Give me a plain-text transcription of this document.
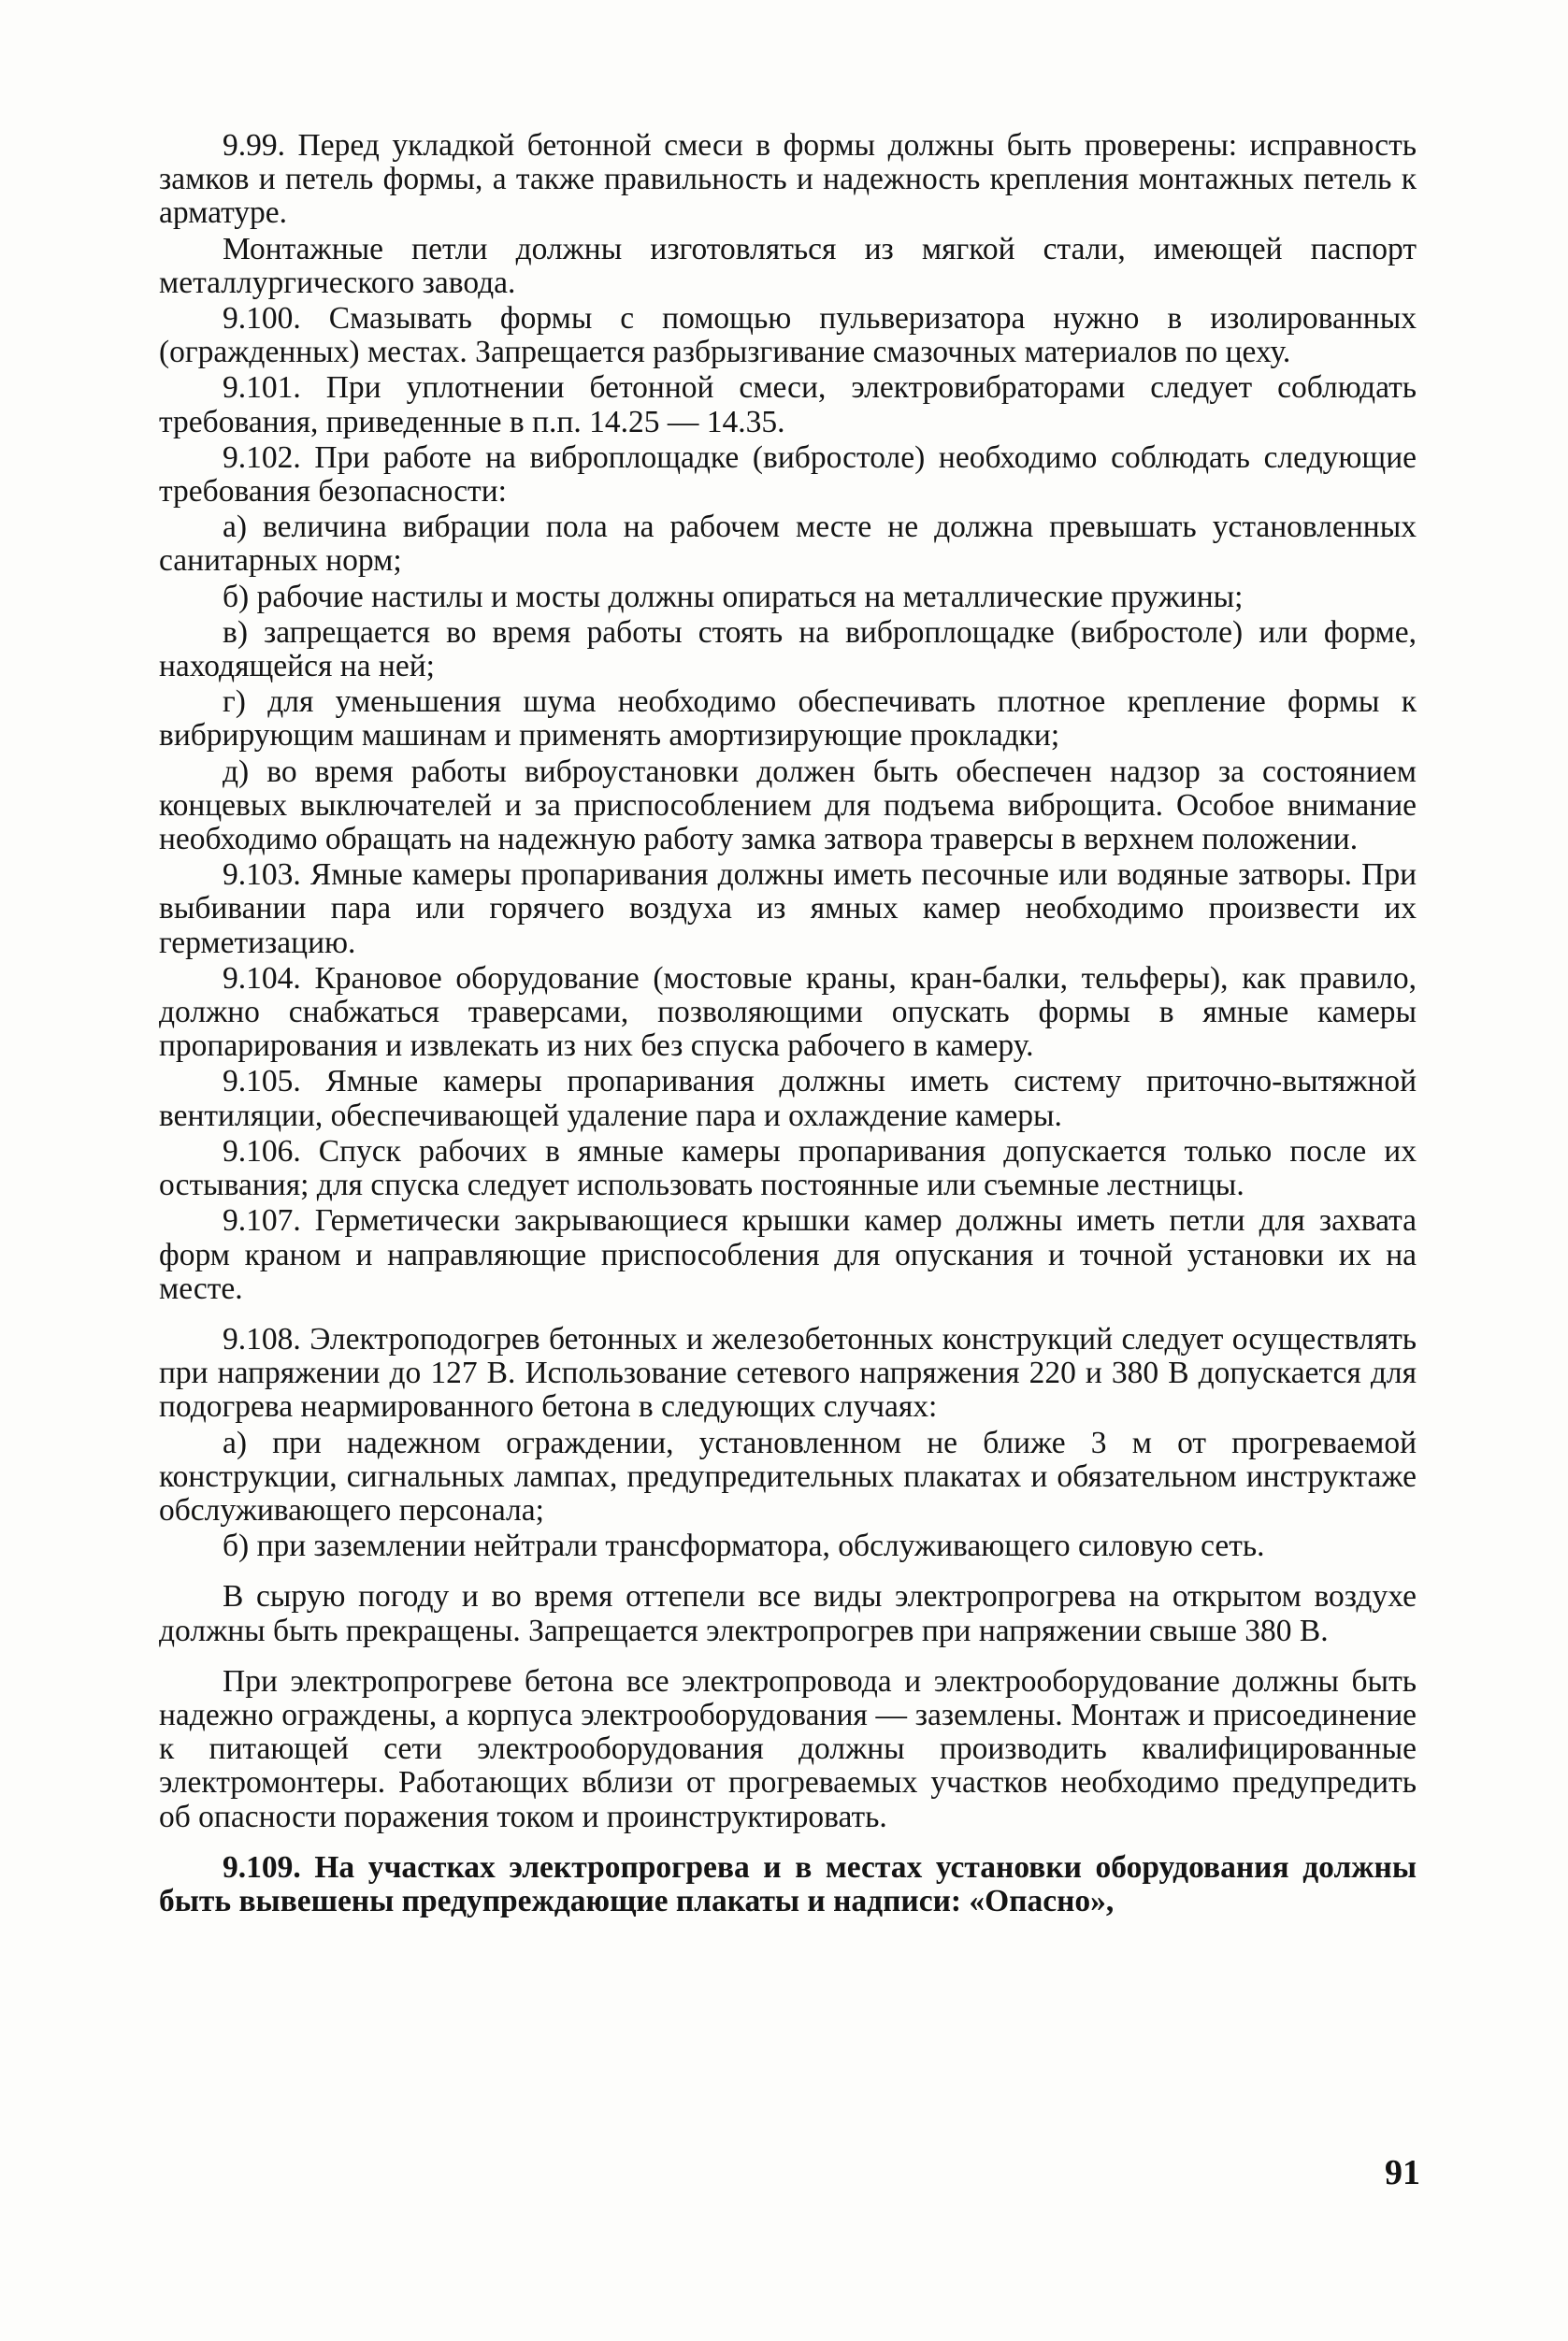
9.99. Перед укладкой бетонной смеси в формы должны быть проверены: исправность замков и петель формы, а также правильность и надежность крепления монтажных петель к арматуре.

Монтажные петли должны изготовляться из мягкой стали, имеющей паспорт металлургического завода.

9.100. Смазывать формы с помощью пульверизатора нужно в изолированных (огражденных) местах. Запрещается разбрызгивание смазочных материалов по цеху.

9.101. При уплотнении бетонной смеси, электровибраторами следует соблюдать требования, приведенные в п.п. 14.25 — 14.35.

9.102. При работе на виброплощадке (вибростоле) необходимо соблюдать следующие требования безопасности:

а) величина вибрации пола на рабочем месте не должна превышать установленных санитарных норм;

б) рабочие настилы и мосты должны опираться на металлические пружины;

в) запрещается во время работы стоять на виброплощадке (вибростоле) или форме, находящейся на ней;

г) для уменьшения шума необходимо обеспечивать плотное крепление формы к вибрирующим машинам и применять амортизирующие прокладки;

д) во время работы виброустановки должен быть обеспечен надзор за состоянием концевых выключателей и за приспособлением для подъема виброщита. Особое внимание необходимо обращать на надежную работу замка затвора траверсы в верхнем положении.

9.103. Ямные камеры пропаривания должны иметь песочные или водяные затворы. При выбивании пара или горячего воздуха из ямных камер необходимо произвести их герметизацию.

9.104. Крановое оборудование (мостовые краны, кран-балки, тельферы), как правило, должно снабжаться траверсами, позволяющими опускать формы в ямные камеры пропарирования и извлекать из них без спуска рабочего в камеру.

9.105. Ямные камеры пропаривания должны иметь систему приточно-вытяжной вентиляции, обеспечивающей удаление пара и охлаждение камеры.

9.106. Спуск рабочих в ямные камеры пропаривания допускается только после их остывания; для спуска следует использовать постоянные или съемные лестницы.

9.107. Герметически закрывающиеся крышки камер должны иметь петли для захвата форм краном и направляющие приспособления для опускания и точной установки их на месте.

9.108. Электроподогрев бетонных и железобетонных конструкций следует осуществлять при напряжении до 127 В. Использование сетевого напряжения 220 и 380 В допускается для подогрева неармированного бетона в следующих случаях:

а) при надежном ограждении, установленном не ближе 3 м от прогреваемой конструкции, сигнальных лампах, предупредительных плакатах и обязательном инструктаже обслуживающего персонала;

б) при заземлении нейтрали трансформатора, обслуживающего силовую сеть.

В сырую погоду и во время оттепели все виды электропрогрева на открытом воздухе должны быть прекращены. Запрещается электропрогрев при напряжении свыше 380 В.

При электропрогреве бетона все электропровода и электрооборудование должны быть надежно ограждены, а корпуса электрооборудования — заземлены. Монтаж и присоединение к питающей сети электрооборудования должны производить квалифицированные электромонтеры. Работающих вблизи от прогреваемых участков необходимо предупредить об опасности поражения током и проинструктировать.

9.109. На участках электропрогрева и в местах установки оборудования должны быть вывешены предупреждающие плакаты и надписи: «Опасно»,

91
